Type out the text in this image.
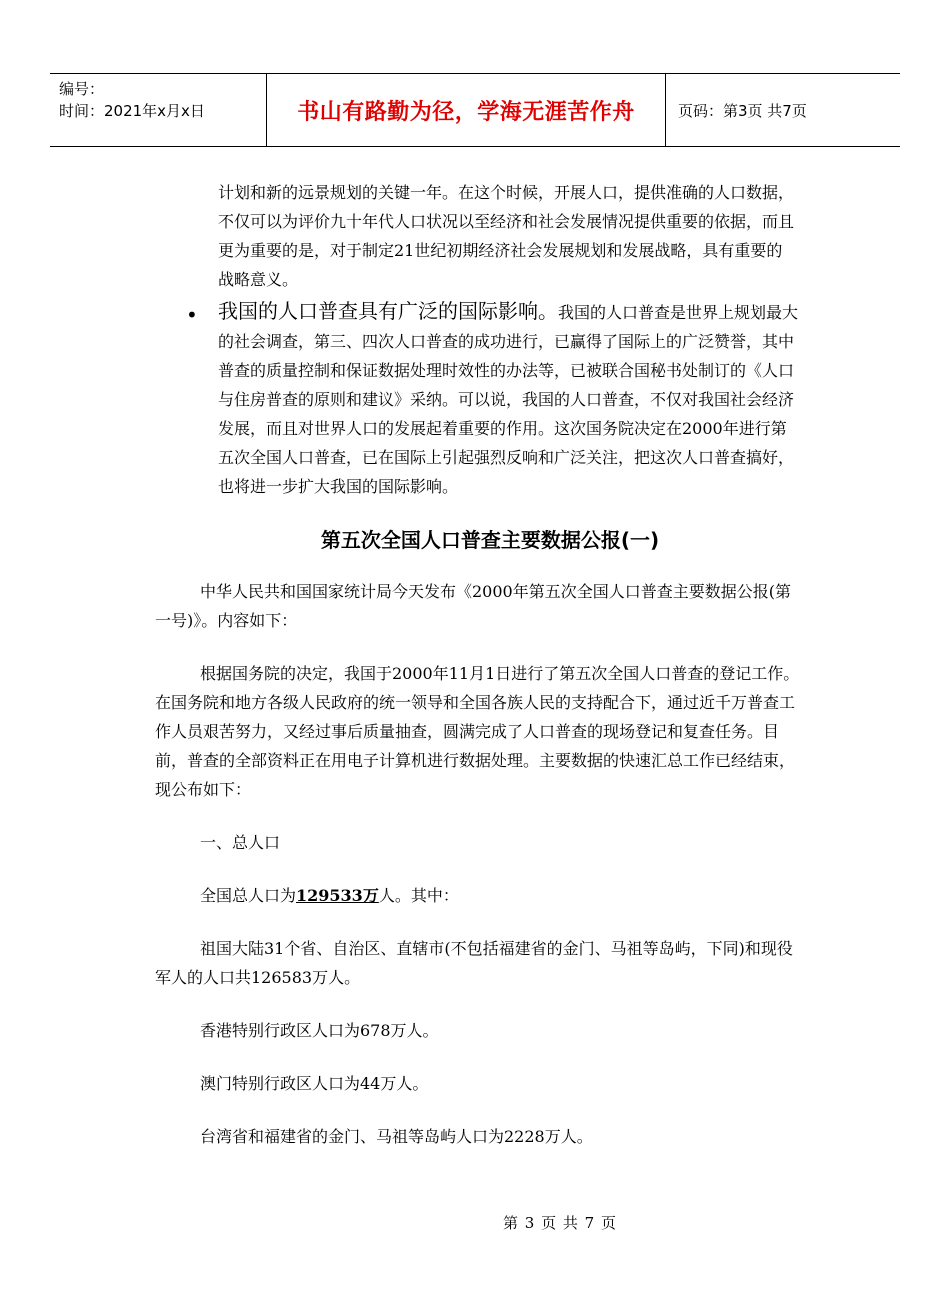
编号：
时间：2021年x月x日	书山有路勤为径，学海无涯苦作舟	页码：第3页 共7页
计划和新的远景规划的关键一年。在这个时候，开展人口，提供准确的人口数据，不仅可以为评价九十年代人口状况以至经济和社会发展情况提供重要的依据，而且更为重要的是，对于制定21世纪初期经济社会发展规划和发展战略，具有重要的战略意义。
• 我国的人口普查具有广泛的国际影响。我国的人口普查是世界上规划最大的社会调查，第三、四次人口普查的成功进行，已赢得了国际上的广泛赞誉，其中普查的质量控制和保证数据处理时效性的办法等，已被联合国秘书处制订的《人口与住房普查的原则和建议》采纳。可以说，我国的人口普查，不仅对我国社会经济发展，而且对世界人口的发展起着重要的作用。这次国务院决定在2000年进行第五次全国人口普查，已在国际上引起强烈反响和广泛关注，把这次人口普查搞好，也将进一步扩大我国的国际影响。
第五次全国人口普查主要数据公报(一)
中华人民共和国国家统计局今天发布《2000年第五次全国人口普查主要数据公报(第一号)》。内容如下：
根据国务院的决定，我国于2000年11月1日进行了第五次全国人口普查的登记工作。在国务院和地方各级人民政府的统一领导和全国各族人民的支持配合下，通过近千万普查工作人员艰苦努力，又经过事后质量抽查，圆满完成了人口普查的现场登记和复查任务。目前，普查的全部资料正在用电子计算机进行数据处理。主要数据的快速汇总工作已经结束，现公布如下：
一、总人口
全国总人口为129533万人。其中：
祖国大陆31个省、自治区、直辖市(不包括福建省的金门、马祖等岛屿，下同)和现役军人的人口共126583万人。
香港特别行政区人口为678万人。
澳门特别行政区人口为44万人。
台湾省和福建省的金门、马祖等岛屿人口为2228万人。
第 3 页 共 7 页
